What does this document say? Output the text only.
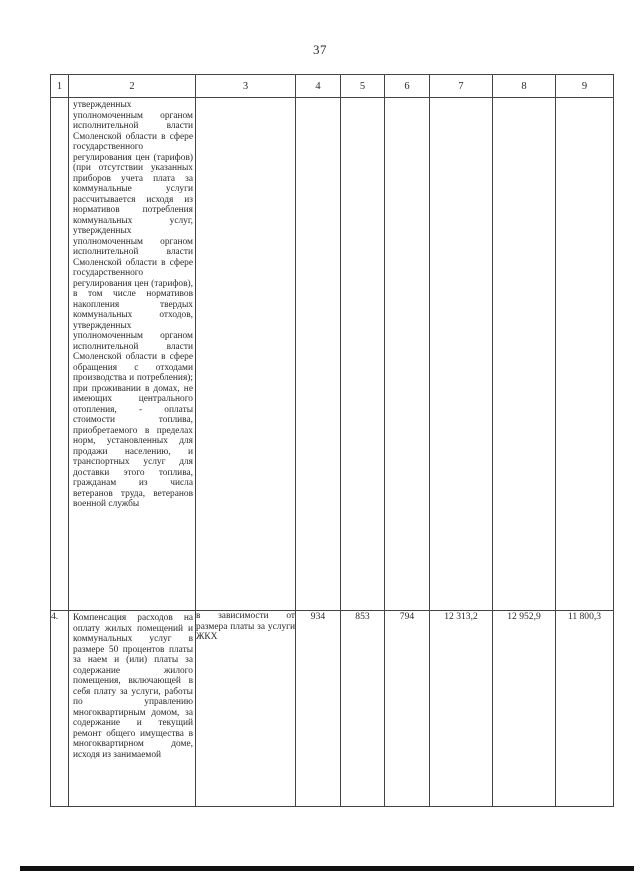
37
1	2	3	4	5	6	7	8	9

	утвержденных уполномоченным органом исполнительной власти Смоленской области в сфере государственного регулирования цен (тарифов) (при отсутствии указанных приборов учета плата за коммунальные услуги рассчитывается исходя из нормативов потребления коммунальных услуг, утвержденных уполномоченным органом исполнительной власти Смоленской области в сфере государственного регулирования цен (тарифов), в том числе нормативов накопления твердых коммунальных отходов, утвержденных уполномоченным органом исполнительной власти Смоленской области в сфере обращения с отходами производства и потребления); при проживании в домах, не имеющих центрального отопления, - оплаты стоимости топлива, приобретаемого в пределах норм, установленных для продажи населению, и транспортных услуг для доставки этого топлива, гражданам из числа ветеранов труда, ветеранов военной службы							

4.	Компенсация расходов на оплату жилых помещений и коммунальных услуг в размере 50 процентов платы за наем и (или) платы за содержание жилого помещения, включающей в себя плату за услуги, работы по управлению многоквартирным домом, за содержание и текущий ремонт общего имущества в многоквартирном доме, исходя из занимаемой	в зависимости от размера платы за услуги ЖКХ	934	853	794	12 313,2	12 952,9	11 800,3
